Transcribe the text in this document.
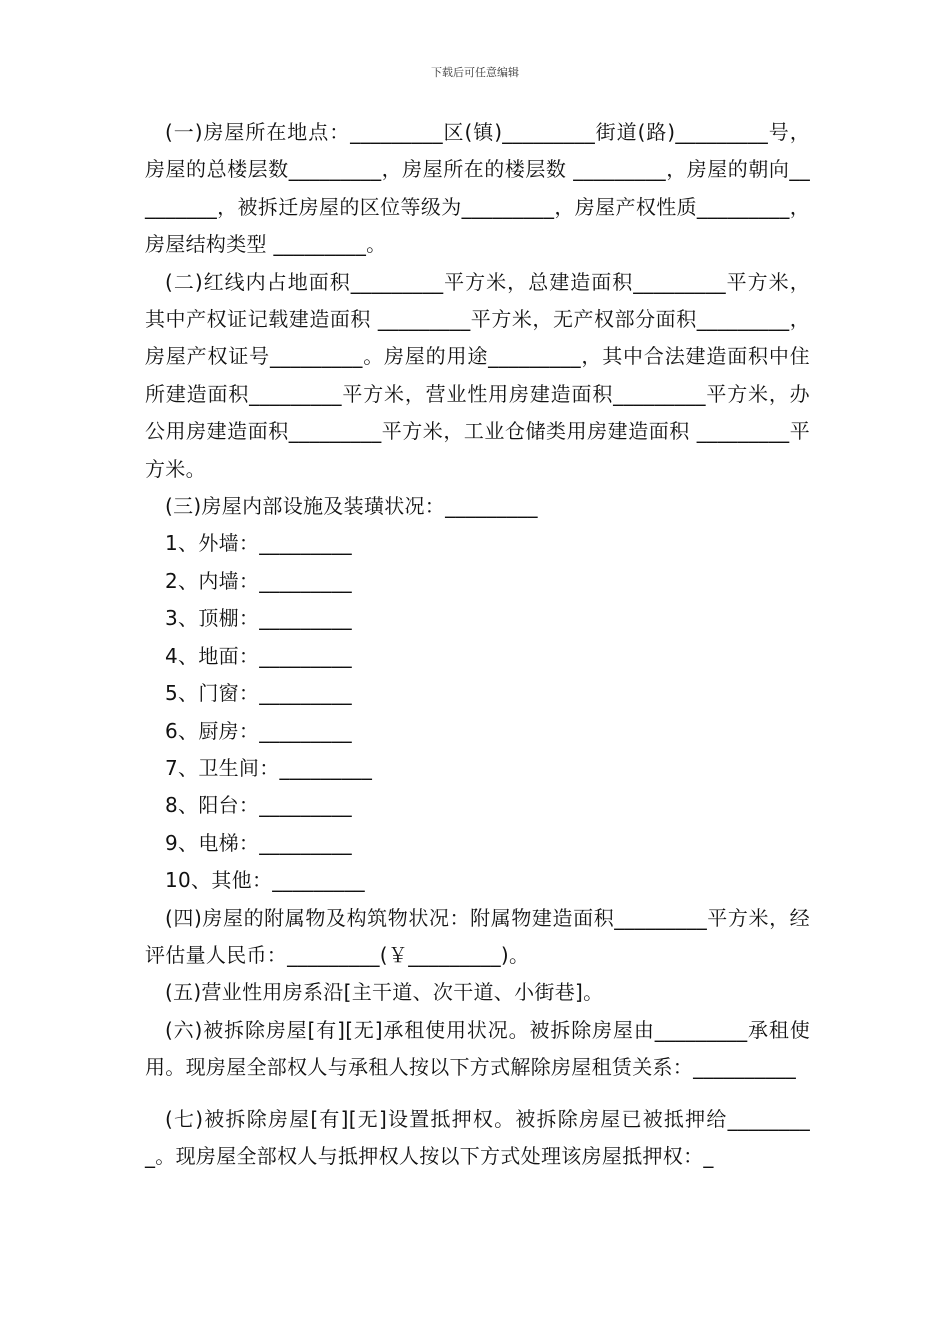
下载后可任意编辑

(一)房屋所在地点：_________区(镇)_________街道(路)_________号，房屋的总楼层数_________，房屋所在的楼层数 _________，房屋的朝向_________，被拆迁房屋的区位等级为_________，房屋产权性质_________，房屋结构类型 _________。

(二)红线内占地面积_________平方米，总建造面积_________平方米，其中产权证记载建造面积 _________平方米，无产权部分面积_________，房屋产权证号_________。房屋的用途_________，其中合法建造面积中住所建造面积_________平方米，营业性用房建造面积_________平方米，办公用房建造面积_________平方米，工业仓储类用房建造面积 _________平方米。

(三)房屋内部设施及装璜状况：_________

1、外墙：_________

2、内墙：_________

3、顶棚：_________

4、地面：_________

5、门窗：_________

6、厨房：_________

7、卫生间：_________

8、阳台：_________

9、电梯：_________

10、其他：_________

(四)房屋的附属物及构筑物状况：附属物建造面积_________平方米，经评估量人民币：_________(￥_________)。

(五)营业性用房系沿[主干道、次干道、小街巷]。

(六)被拆除房屋[有][无]承租使用状况。被拆除房屋由_________承租使用。现房屋全部权人与承租人按以下方式解除房屋租赁关系：__________

(七)被拆除房屋[有][无]设置抵押权。被拆除房屋已被抵押给_________。现房屋全部权人与抵押权人按以下方式处理该房屋抵押权：_
